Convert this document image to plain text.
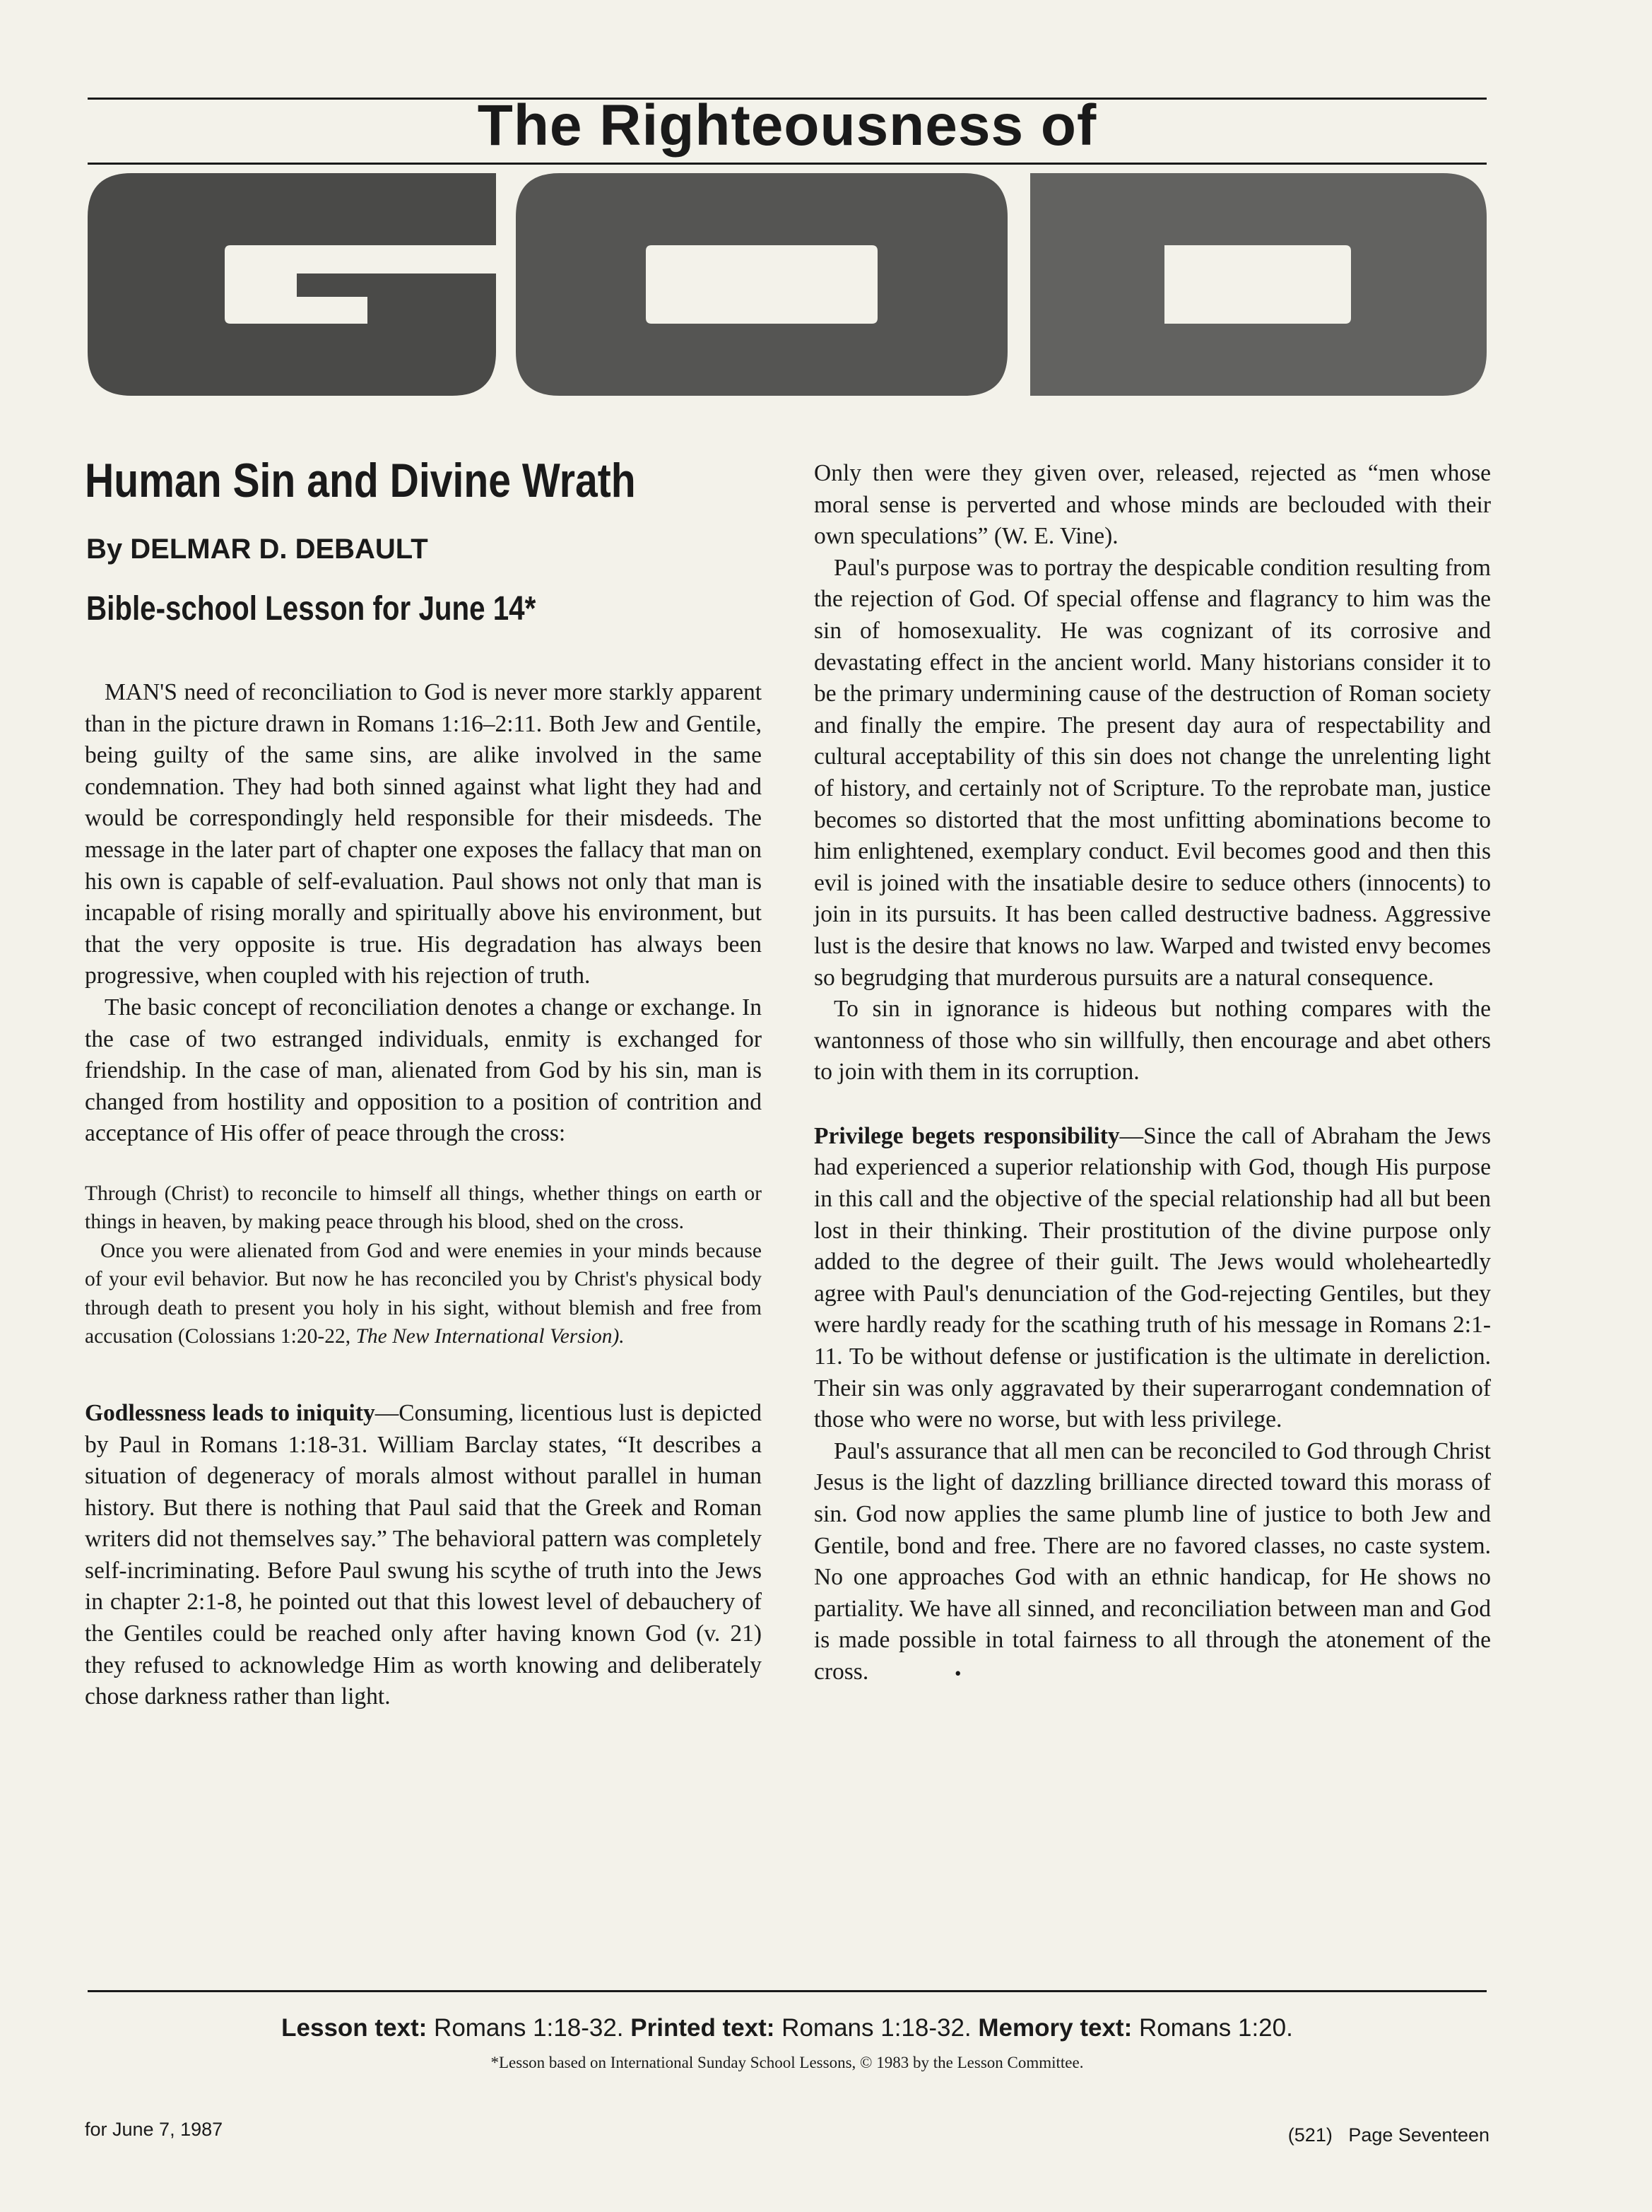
The Righteousness of
Human Sin and Divine Wrath
By DELMAR D. DEBAULT
Bible-school Lesson for June 14*

MAN'S need of reconciliation to God is never more starkly apparent than in the picture drawn in Romans 1:16–2:11. Both Jew and Gentile, being guilty of the same sins, are alike involved in the same condemnation. They had both sinned against what light they had and would be correspondingly held responsible for their misdeeds. The message in the later part of chapter one exposes the fallacy that man on his own is capable of self-evaluation. Paul shows not only that man is incapable of rising morally and spiritually above his environment, but that the very opposite is true. His degradation has always been progressive, when coupled with his rejection of truth.

The basic concept of reconciliation denotes a change or exchange. In the case of two estranged individuals, enmity is exchanged for friendship. In the case of man, alienated from God by his sin, man is changed from hostility and opposition to a position of contrition and acceptance of His offer of peace through the cross:

Through (Christ) to reconcile to himself all things, whether things on earth or things in heaven, by making peace through his blood, shed on the cross.

Once you were alienated from God and were enemies in your minds because of your evil behavior. But now he has reconciled you by Christ's physical body through death to present you holy in his sight, without blemish and free from accusation (Colossians 1:20-22, The New International Version).

Godlessness leads to iniquity—Consuming, licentious lust is depicted by Paul in Romans 1:18-31. William Barclay states, “It describes a situation of degeneracy of morals almost without parallel in human history. But there is nothing that Paul said that the Greek and Roman writers did not themselves say.” The behavioral pattern was completely self-incriminating. Before Paul swung his scythe of truth into the Jews in chapter 2:1-8, he pointed out that this lowest level of debauchery of the Gentiles could be reached only after having known God (v. 21) they refused to acknowledge Him as worth knowing and deliberately chose darkness rather than light.

Only then were they given over, released, rejected as “men whose moral sense is perverted and whose minds are beclouded with their own speculations” (W. E. Vine).

Paul's purpose was to portray the despicable condition resulting from the rejection of God. Of special offense and flagrancy to him was the sin of homosexuality. He was cognizant of its corrosive and devastating effect in the ancient world. Many historians consider it to be the primary undermining cause of the destruction of Roman society and finally the empire. The present day aura of respectability and cultural acceptability of this sin does not change the unrelenting light of history, and certainly not of Scripture. To the reprobate man, justice becomes so distorted that the most unfitting abominations become to him enlightened, exemplary conduct. Evil becomes good and then this evil is joined with the insatiable desire to seduce others (innocents) to join in its pursuits. It has been called destructive badness. Aggressive lust is the desire that knows no law. Warped and twisted envy becomes so begrudging that murderous pursuits are a natural consequence.

To sin in ignorance is hideous but nothing compares with the wantonness of those who sin willfully, then encourage and abet others to join with them in its corruption.

Privilege begets responsibility—Since the call of Abraham the Jews had experienced a superior relationship with God, though His purpose in this call and the objective of the special relationship had all but been lost in their thinking. Their prostitution of the divine purpose only added to the degree of their guilt. The Jews would wholeheartedly agree with Paul's denunciation of the God-rejecting Gentiles, but they were hardly ready for the scathing truth of his message in Romans 2:1-11. To be without defense or justification is the ultimate in dereliction. Their sin was only aggravated by their superarrogant condemnation of those who were no worse, but with less privilege.

Paul's assurance that all men can be reconciled to God through Christ Jesus is the light of dazzling brilliance directed toward this morass of sin. God now applies the same plumb line of justice to both Jew and Gentile, bond and free. There are no favored classes, no caste system. No one approaches God with an ethnic handicap, for He shows no partiality. We have all sinned, and reconciliation between man and God is made possible in total fairness to all through the atonement of the cross.	•

Lesson text: Romans 1:18-32. Printed text: Romans 1:18-32. Memory text: Romans 1:20.
*Lesson based on International Sunday School Lessons, © 1983 by the Lesson Committee.
for June 7, 1987	(521)   Page Seventeen
